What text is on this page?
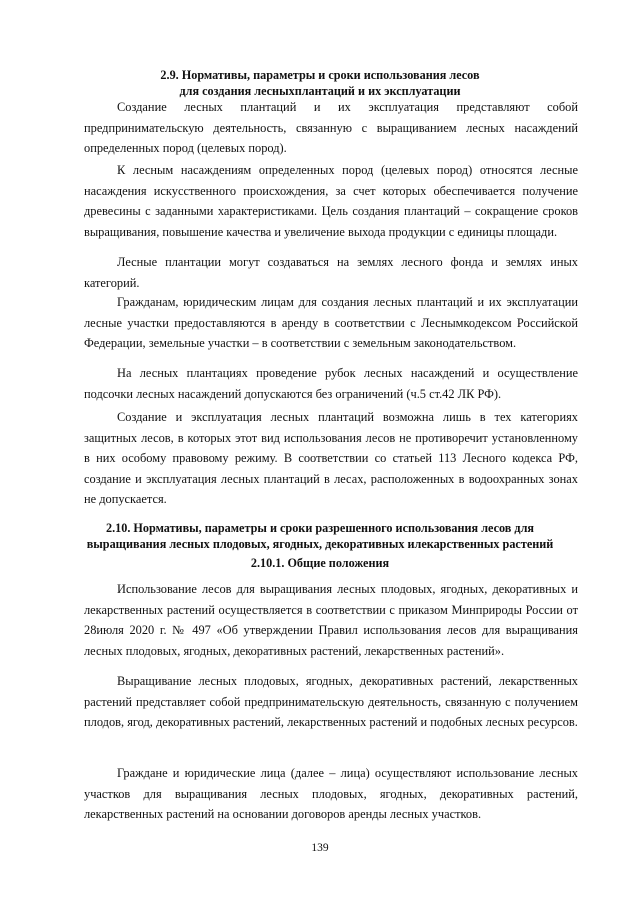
2.9. Нормативы, параметры и сроки использования лесов
для создания лесныхплантаций и их эксплуатации

Создание лесных плантаций и их эксплуатация представляют собой предпринимательскую деятельность, связанную с выращиванием лесных насаждений определенных пород (целевых пород).

К лесным насаждениям определенных пород (целевых пород) относятся лесные насаждения искусственного происхождения, за счет которых обеспечивается получение древесины с заданными характеристиками. Цель создания плантаций – сокращение сроков выращивания, повышение качества и увеличение выхода продукции с единицы площади.

Лесные плантации могут создаваться на землях лесного фонда и землях иных категорий.

Гражданам, юридическим лицам для создания лесных плантаций и их эксплуатации лесные участки предоставляются в аренду в соответствии с Леснымкодексом Российской Федерации, земельные участки – в соответствии с земельным законодательством.

На лесных плантациях проведение рубок лесных насаждений и осуществление подсочки лесных насаждений допускаются без ограничений (ч.5 ст.42 ЛК РФ).

Создание и эксплуатация лесных плантаций возможна лишь в тех категориях защитных лесов, в которых этот вид использования лесов не противоречит установленному в них особому правовому режиму. В соответствии со статьей 113 Лесного кодекса РФ, создание и эксплуатация лесных плантаций в лесах, расположенных в водоохранных зонах не допускается.

2.10. Нормативы, параметры и сроки разрешенного использования лесов для
выращивания лесных плодовых, ягодных, декоративных илекарственных растений
2.10.1. Общие положения

Использование лесов для выращивания лесных плодовых, ягодных, декоративных и лекарственных растений осуществляется в соответствии с приказом Минприроды России от 28июля 2020 г. № 497 «Об утверждении Правил использования лесов для выращивания лесных плодовых, ягодных, декоративных растений, лекарственных растений».

Выращивание лесных плодовых, ягодных, декоративных растений, лекарственных растений представляет собой предпринимательскую деятельность, связанную с получением плодов, ягод, декоративных растений, лекарственных растений и подобных лесных ресурсов.

Граждане и юридические лица (далее – лица) осуществляют использование лесных участков для выращивания лесных плодовых, ягодных, декоративных растений, лекарственных растений на основании договоров аренды лесных участков.

139
